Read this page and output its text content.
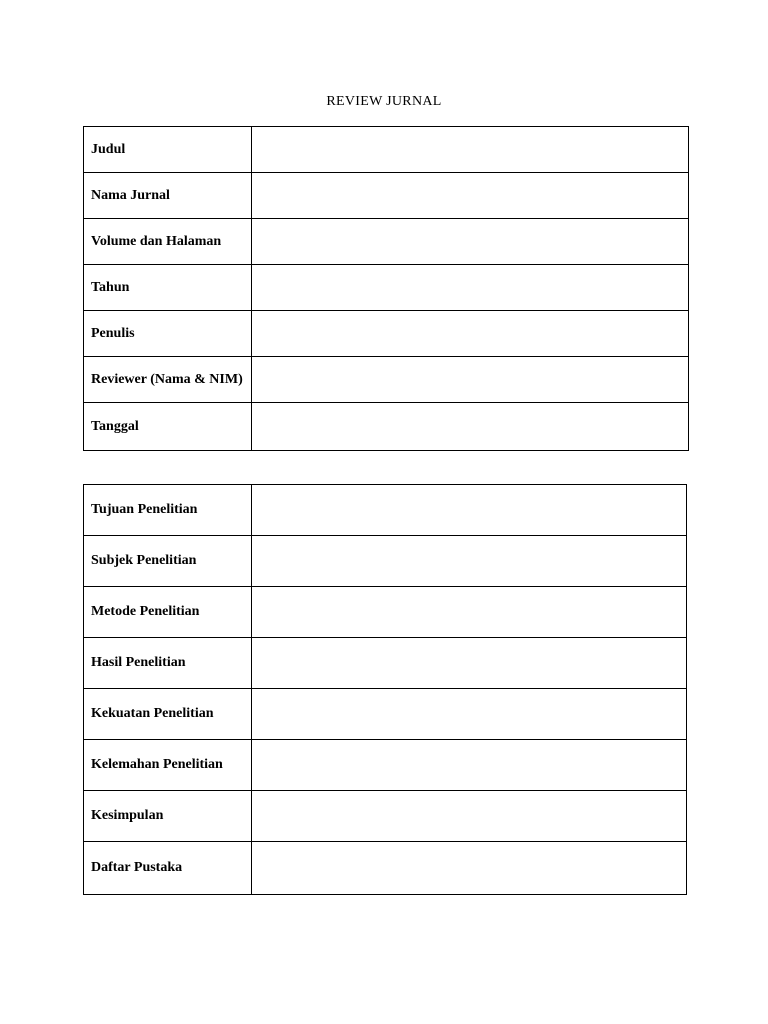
REVIEW JURNAL
Judul	
Nama Jurnal	
Volume dan Halaman	
Tahun	
Penulis	
Reviewer (Nama & NIM)	
Tanggal	
Tujuan Penelitian	
Subjek Penelitian	
Metode Penelitian	
Hasil Penelitian	
Kekuatan Penelitian	
Kelemahan Penelitian	
Kesimpulan	
Daftar Pustaka	
